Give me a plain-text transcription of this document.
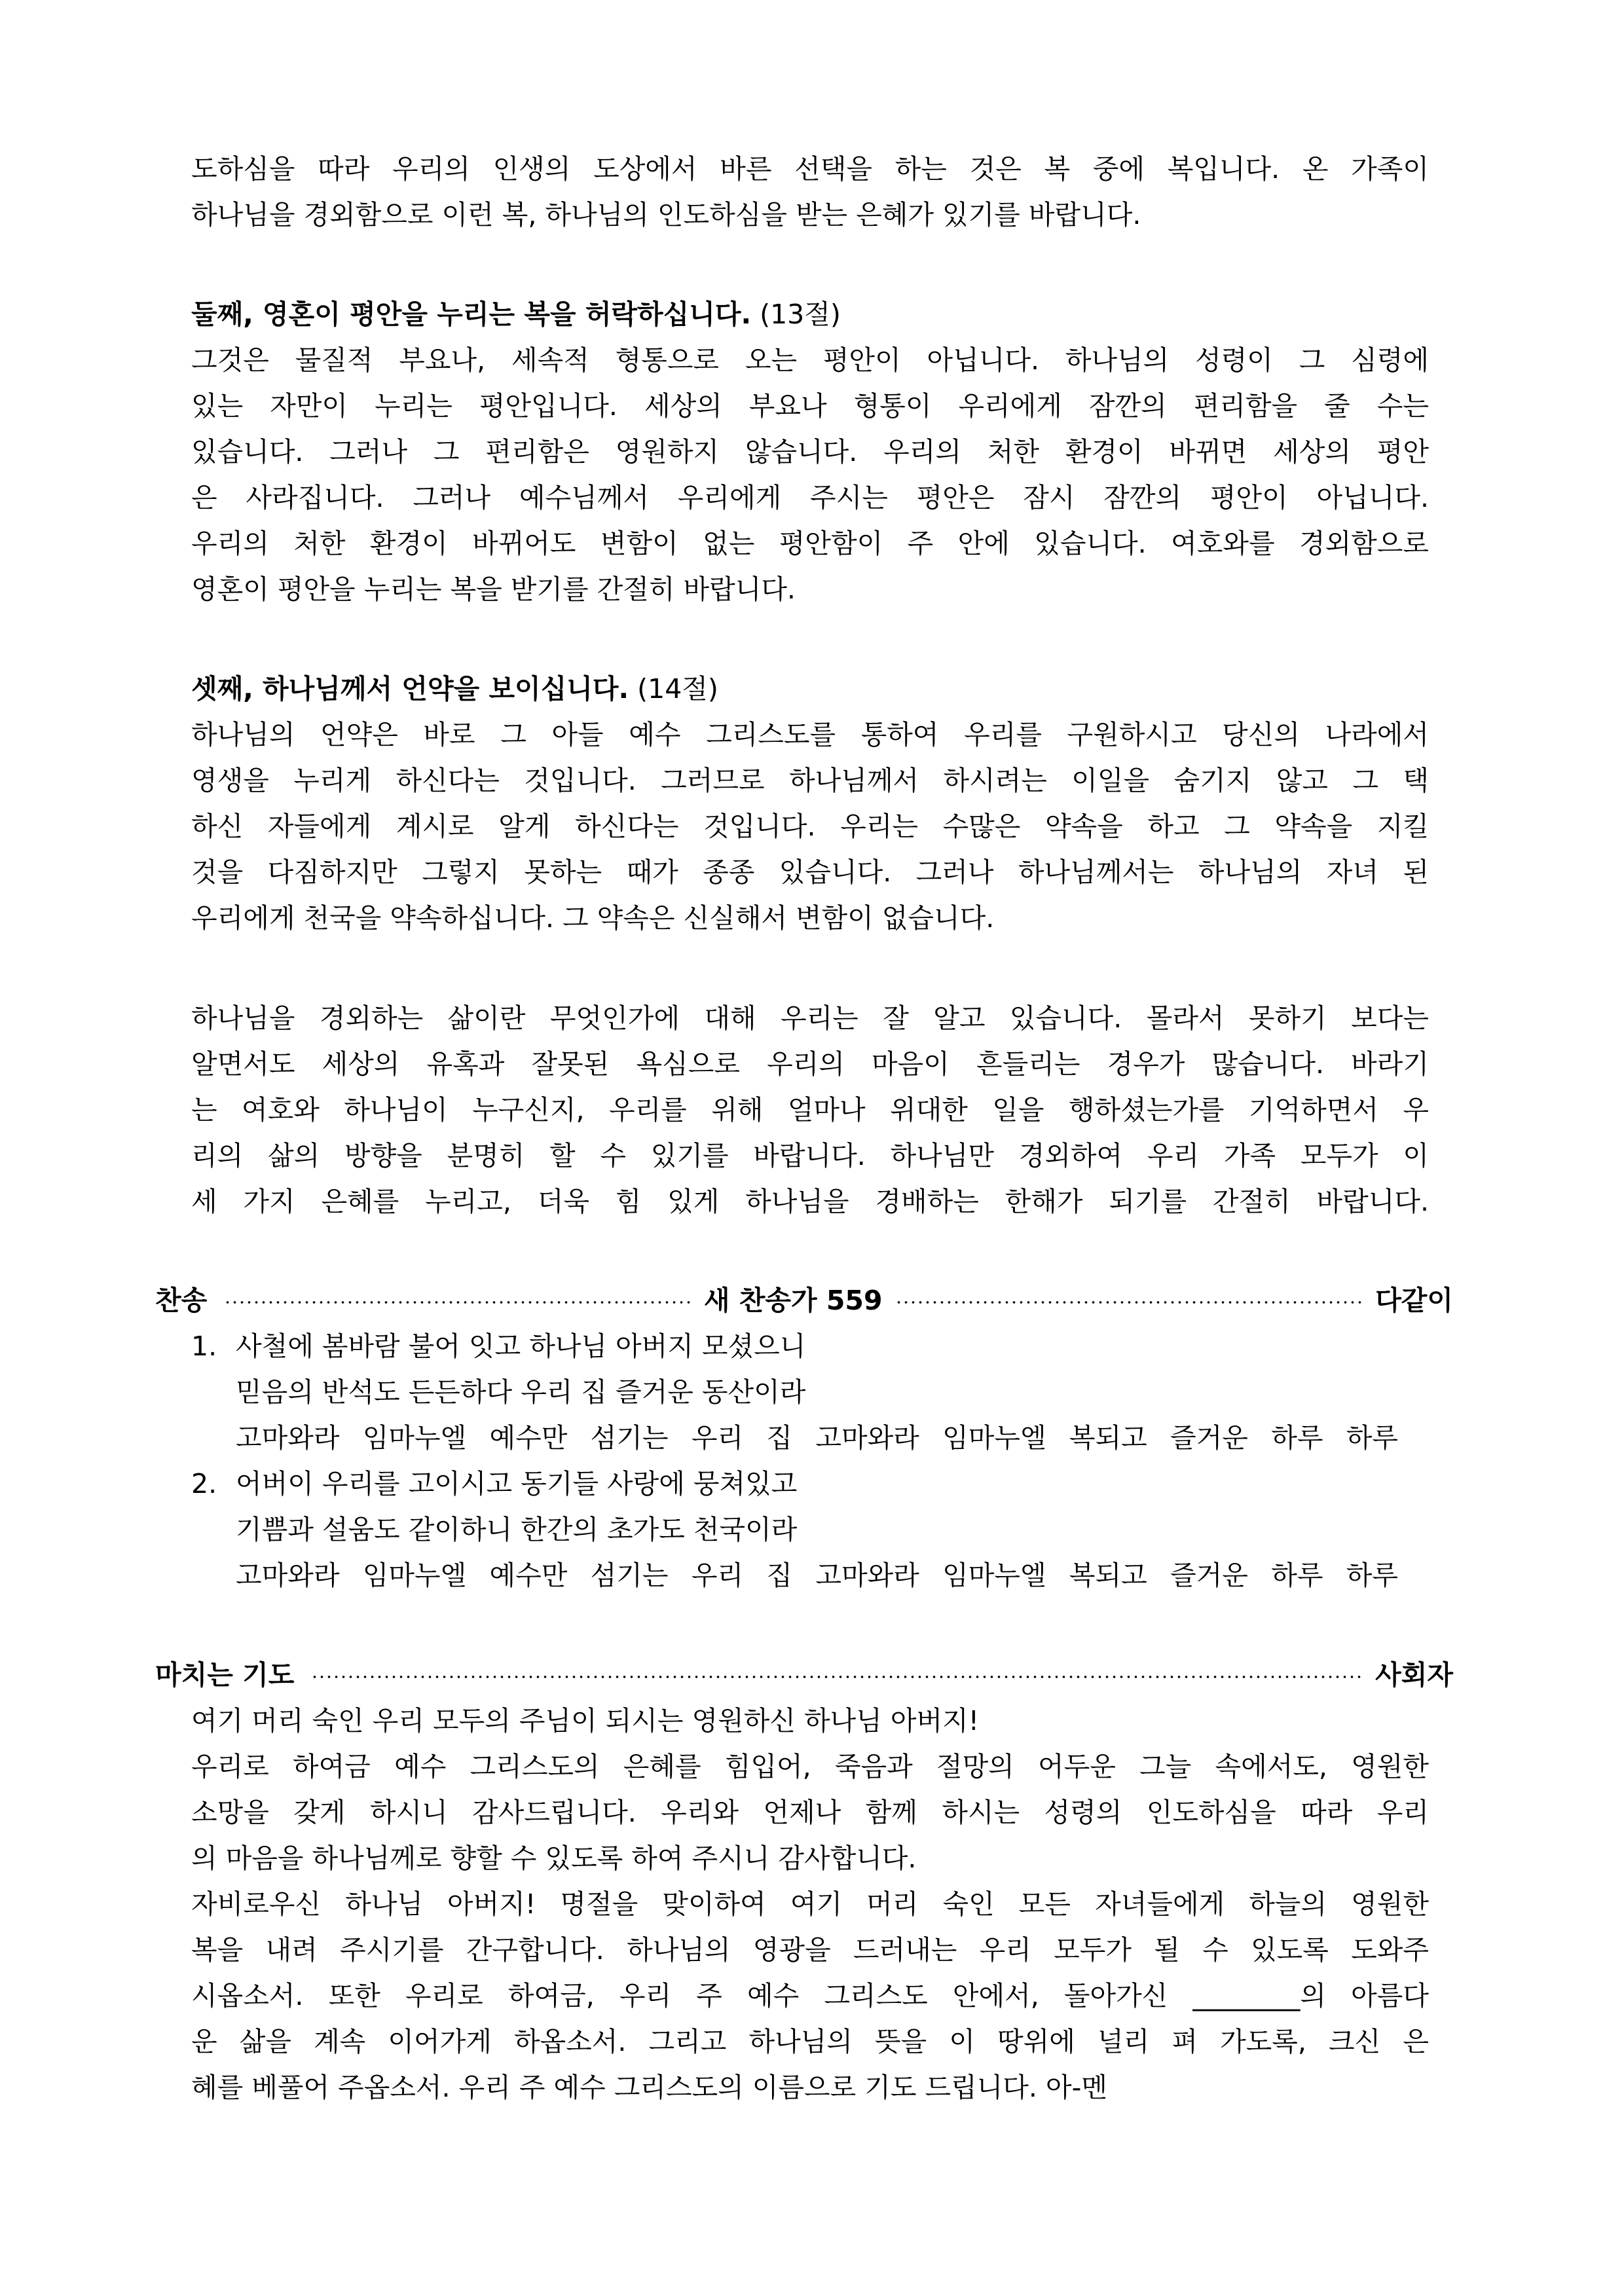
도하심을 따라 우리의 인생의 도상에서 바른 선택을 하는 것은 복 중에 복입니다. 온 가족이
하나님을 경외함으로 이런 복, 하나님의 인도하심을 받는 은혜가 있기를 바랍니다.
둘째, 영혼이 평안을 누리는 복을 허락하십니다. (13절)
그것은 물질적 부요나, 세속적 형통으로 오는 평안이 아닙니다. 하나님의 성령이 그 심령에
있는 자만이 누리는 평안입니다. 세상의 부요나 형통이 우리에게 잠깐의 편리함을 줄 수는
있습니다. 그러나 그 편리함은 영원하지 않습니다. 우리의 처한 환경이 바뀌면 세상의 평안
은 사라집니다. 그러나 예수님께서 우리에게 주시는 평안은 잠시 잠깐의 평안이 아닙니다.
우리의 처한 환경이 바뀌어도 변함이 없는 평안함이 주 안에 있습니다. 여호와를 경외함으로
영혼이 평안을 누리는 복을 받기를 간절히 바랍니다.
셋째, 하나님께서 언약을 보이십니다. (14절)
하나님의 언약은 바로 그 아들 예수 그리스도를 통하여 우리를 구원하시고 당신의 나라에서
영생을 누리게 하신다는 것입니다. 그러므로 하나님께서 하시려는 이일을 숨기지 않고 그 택
하신 자들에게 계시로 알게 하신다는 것입니다. 우리는 수많은 약속을 하고 그 약속을 지킬
것을 다짐하지만 그렇지 못하는 때가 종종 있습니다. 그러나 하나님께서는 하나님의 자녀 된
우리에게 천국을 약속하십니다. 그 약속은 신실해서 변함이 없습니다.
하나님을 경외하는 삶이란 무엇인가에 대해 우리는 잘 알고 있습니다. 몰라서 못하기 보다는
알면서도 세상의 유혹과 잘못된 욕심으로 우리의 마음이 흔들리는 경우가 많습니다. 바라기
는 여호와 하나님이 누구신지, 우리를 위해 얼마나 위대한 일을 행하셨는가를 기억하면서 우
리의 삶의 방향을 분명히 할 수 있기를 바랍니다. 하나님만 경외하여 우리 가족 모두가 이
세 가지 은혜를 누리고, 더욱 힘 있게 하나님을 경배하는 한해가 되기를 간절히 바랍니다.
찬송	새 찬송가 559	다같이
1. 사철에 봄바람 불어 잇고 하나님 아버지 모셨으니
믿음의 반석도 든든하다 우리 집 즐거운 동산이라
고마와라 임마누엘 예수만 섬기는 우리 집 고마와라 임마누엘 복되고 즐거운 하루 하루
2. 어버이 우리를 고이시고 동기들 사랑에 뭉쳐있고
기쁨과 설움도 같이하니 한간의 초가도 천국이라
고마와라 임마누엘 예수만 섬기는 우리 집 고마와라 임마누엘 복되고 즐거운 하루 하루
마치는 기도	사회자
여기 머리 숙인 우리 모두의 주님이 되시는 영원하신 하나님 아버지!
우리로 하여금 예수 그리스도의 은혜를 힘입어, 죽음과 절망의 어두운 그늘 속에서도, 영원한
소망을 갖게 하시니 감사드립니다. 우리와 언제나 함께 하시는 성령의 인도하심을 따라 우리
의 마음을 하나님께로 향할 수 있도록 하여 주시니 감사합니다.
자비로우신 하나님 아버지! 명절을 맞이하여 여기 머리 숙인 모든 자녀들에게 하늘의 영원한
복을 내려 주시기를 간구합니다. 하나님의 영광을 드러내는 우리 모두가 될 수 있도록 도와주
시옵소서. 또한 우리로 하여금, 우리 주 예수 그리스도 안에서, 돌아가신 ________의 아름다
운 삶을 계속 이어가게 하옵소서. 그리고 하나님의 뜻을 이 땅위에 널리 펴 가도록, 크신 은
혜를 베풀어 주옵소서. 우리 주 예수 그리스도의 이름으로 기도 드립니다. 아-멘
